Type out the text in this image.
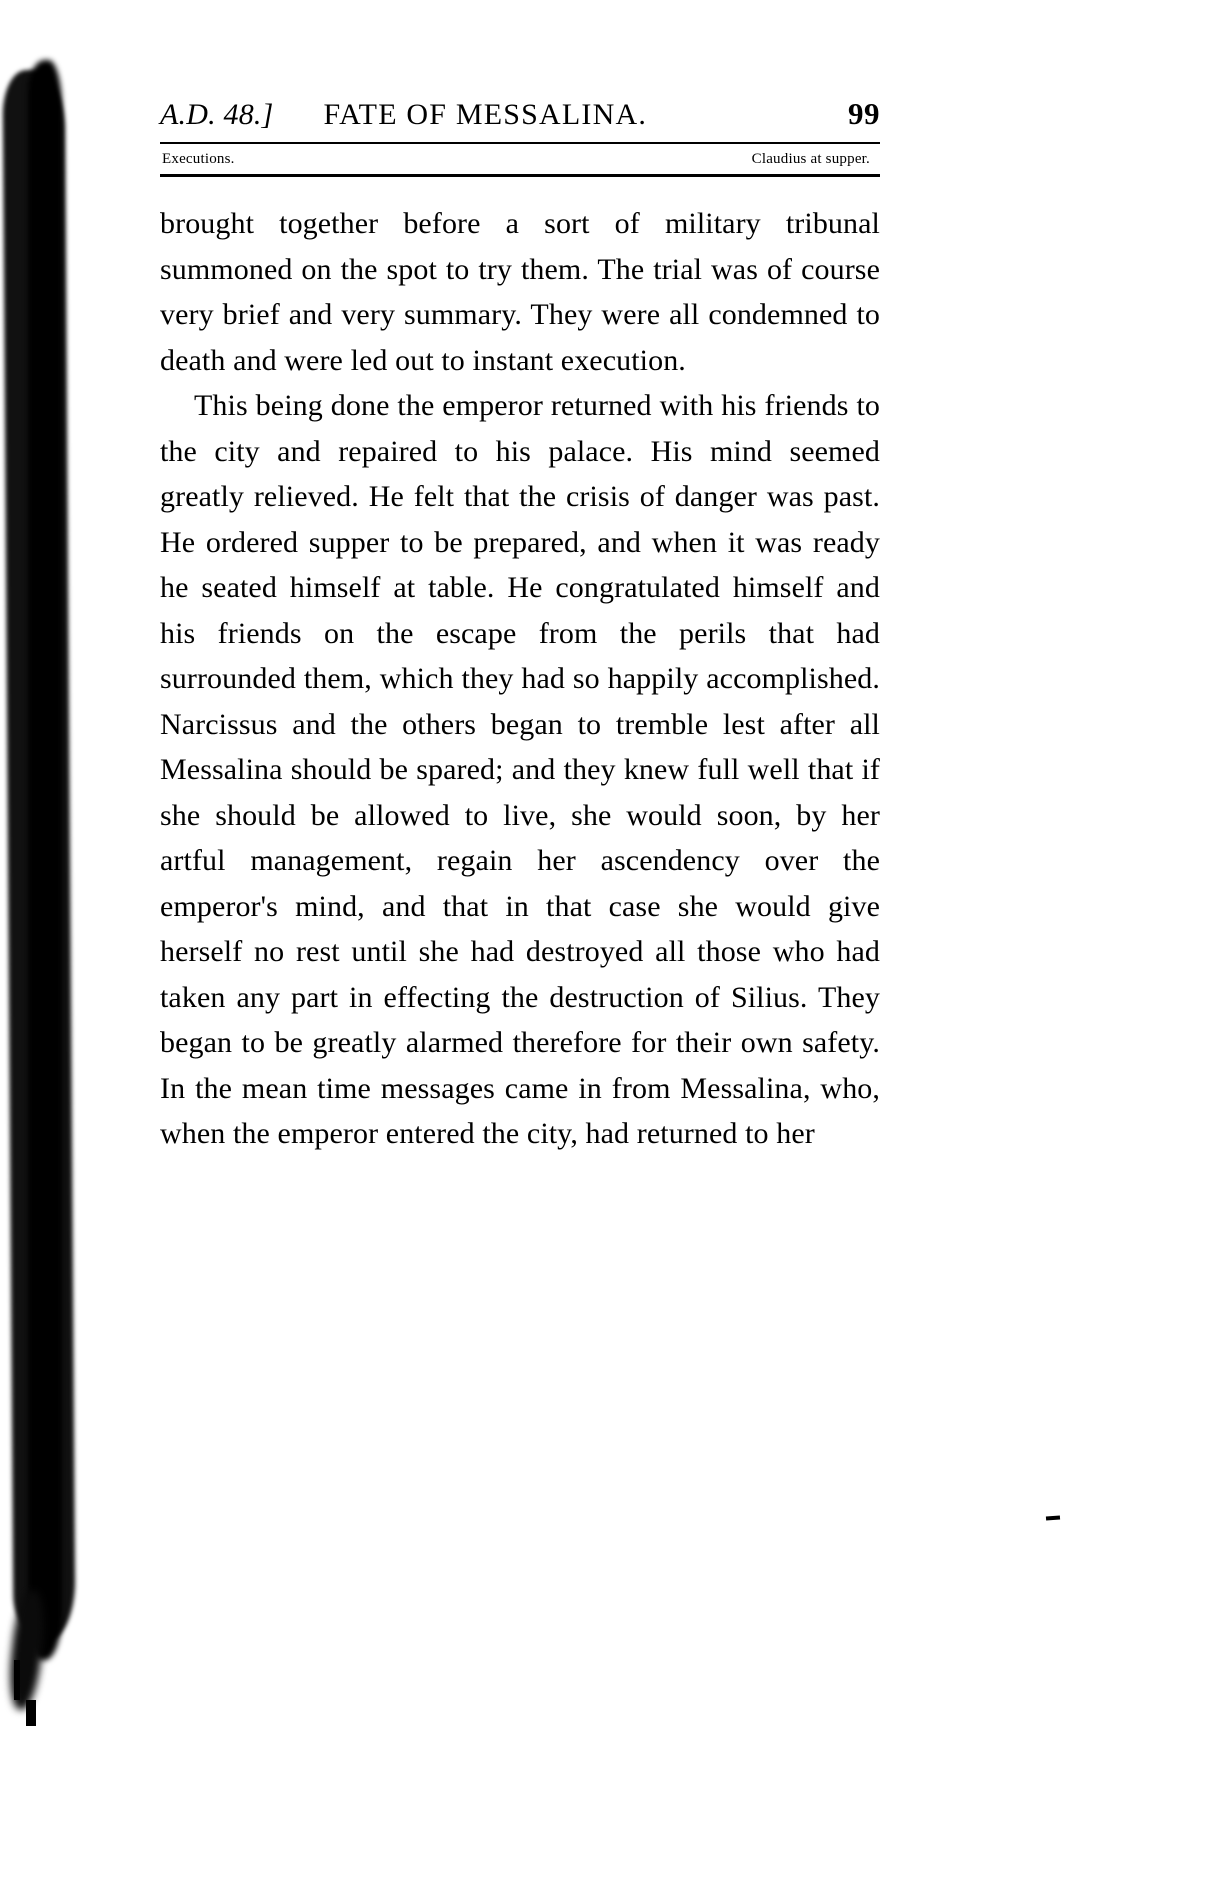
A.D. 48.]	FATE OF MESSALINA.	99
Executions.	Claudius at supper.

brought together before a sort of military tribunal summoned on the spot to try them. The trial was of course very brief and very summary. They were all condemned to death and were led out to instant execution.

This being done the emperor returned with his friends to the city and repaired to his palace. His mind seemed greatly relieved. He felt that the crisis of danger was past. He ordered supper to be prepared, and when it was ready he seated himself at table. He congratulated himself and his friends on the escape from the perils that had surrounded them, which they had so happily accomplished. Narcissus and the others began to tremble lest after all Messalina should be spared; and they knew full well that if she should be allowed to live, she would soon, by her artful management, regain her ascendency over the emperor's mind, and that in that case she would give herself no rest until she had destroyed all those who had taken any part in effecting the destruction of Silius. They began to be greatly alarmed therefore for their own safety. In the mean time messages came in from Messalina, who, when the emperor entered the city, had returned to her
